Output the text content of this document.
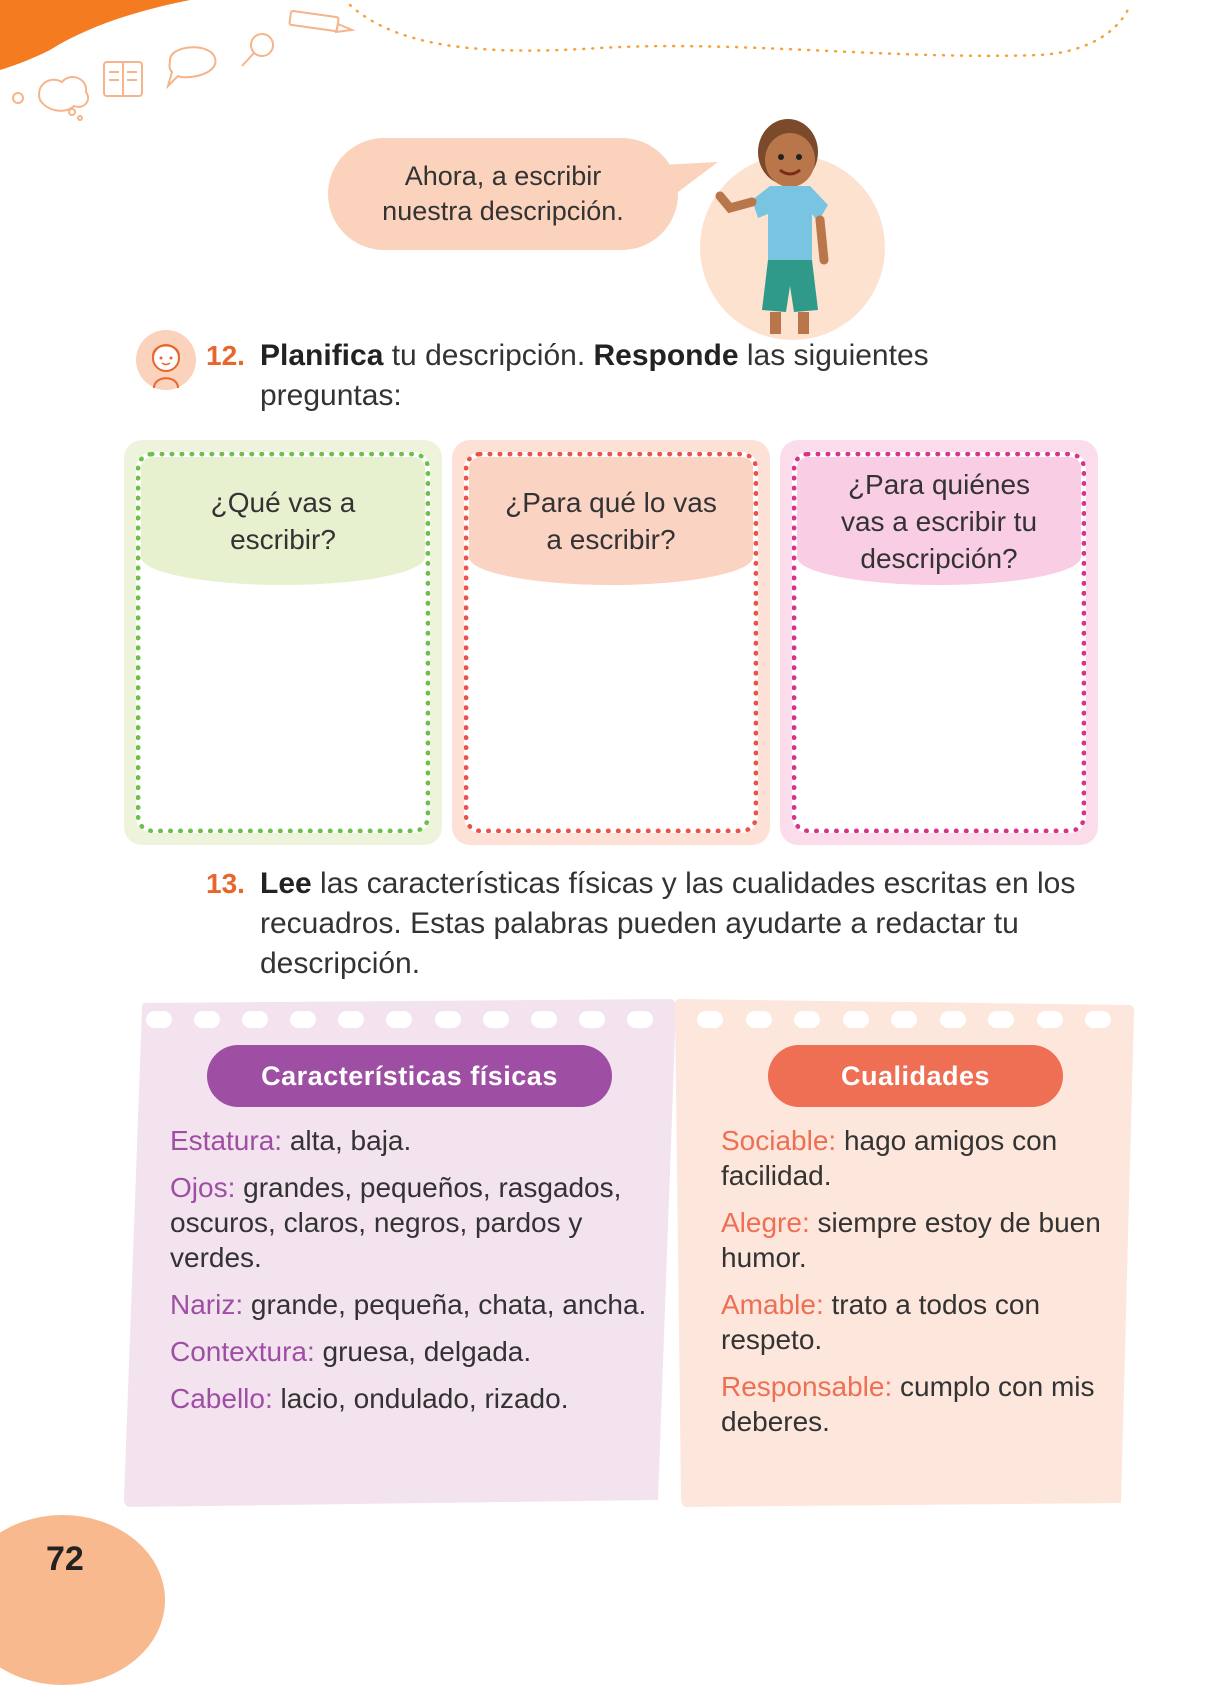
Ahora, a escribir
nuestra descripción.
12. Planifica tu descripción. Responde las siguientes preguntas:
¿Qué vas a
escribir?
¿Para qué lo vas
a escribir?
¿Para quiénes
vas a escribir tu
descripción?
13. Lee las características físicas y las cualidades escritas en los recuadros. Estas palabras pueden ayudarte a redactar tu descripción.
Características físicas
Estatura: alta, baja.
Ojos: grandes, pequeños, rasgados, oscuros, claros, negros, pardos y verdes.
Nariz: grande, pequeña, chata, ancha.
Contextura: gruesa, delgada.
Cabello: lacio, ondulado, rizado.
Cualidades
Sociable: hago amigos con facilidad.
Alegre: siempre estoy de buen humor.
Amable: trato a todos con respeto.
Responsable: cumplo con mis deberes.
72
